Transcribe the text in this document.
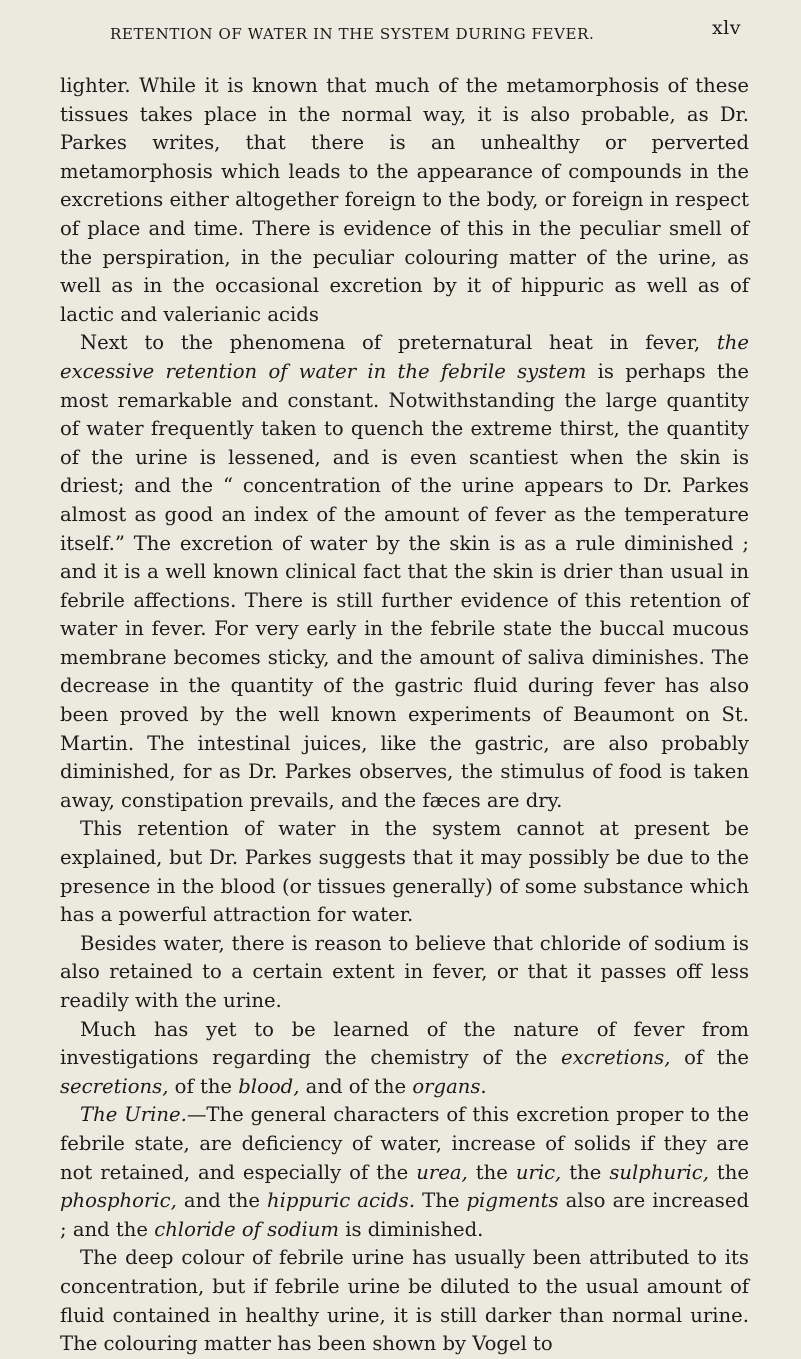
RETENTION OF WATER IN THE SYSTEM DURING FEVER.	xlv

lighter. While it is known that much of the metamorphosis of these tissues takes place in the normal way, it is also probable, as Dr. Parkes writes, that there is an unhealthy or perverted metamorphosis which leads to the appearance of compounds in the excretions either altogether foreign to the body, or foreign in respect of place and time. There is evidence of this in the peculiar smell of the perspiration, in the peculiar colouring matter of the urine, as well as in the occasional excretion by it of hippuric as well as of lactic and valerianic acids

Next to the phenomena of preternatural heat in fever, the excessive retention of water in the febrile system is perhaps the most remarkable and constant. Notwithstanding the large quantity of water frequently taken to quench the extreme thirst, the quantity of the urine is lessened, and is even scantiest when the skin is driest; and the “ concentration of the urine appears to Dr. Parkes almost as good an index of the amount of fever as the temperature itself.” The excretion of water by the skin is as a rule diminished ; and it is a well known clinical fact that the skin is drier than usual in febrile affections. There is still further evidence of this retention of water in fever. For very early in the febrile state the buccal mucous membrane becomes sticky, and the amount of saliva diminishes. The decrease in the quantity of the gastric fluid during fever has also been proved by the well known experiments of Beaumont on St. Martin. The intestinal juices, like the gastric, are also probably diminished, for as Dr. Parkes observes, the stimulus of food is taken away, constipation prevails, and the fæces are dry.

This retention of water in the system cannot at present be explained, but Dr. Parkes suggests that it may possibly be due to the presence in the blood (or tissues generally) of some substance which has a powerful attraction for water.

Besides water, there is reason to believe that chloride of sodium is also retained to a certain extent in fever, or that it passes off less readily with the urine.

Much has yet to be learned of the nature of fever from investigations regarding the chemistry of the excretions, of the secretions, of the blood, and of the organs.

The Urine.—The general characters of this excretion proper to the febrile state, are deficiency of water, increase of solids if they are not retained, and especially of the urea, the uric, the sulphuric, the phosphoric, and the hippuric acids. The pigments also are increased ; and the chloride of sodium is diminished.

The deep colour of febrile urine has usually been attributed to its concentration, but if febrile urine be diluted to the usual amount of fluid contained in healthy urine, it is still darker than normal urine. The colouring matter has been shown by Vogel to
